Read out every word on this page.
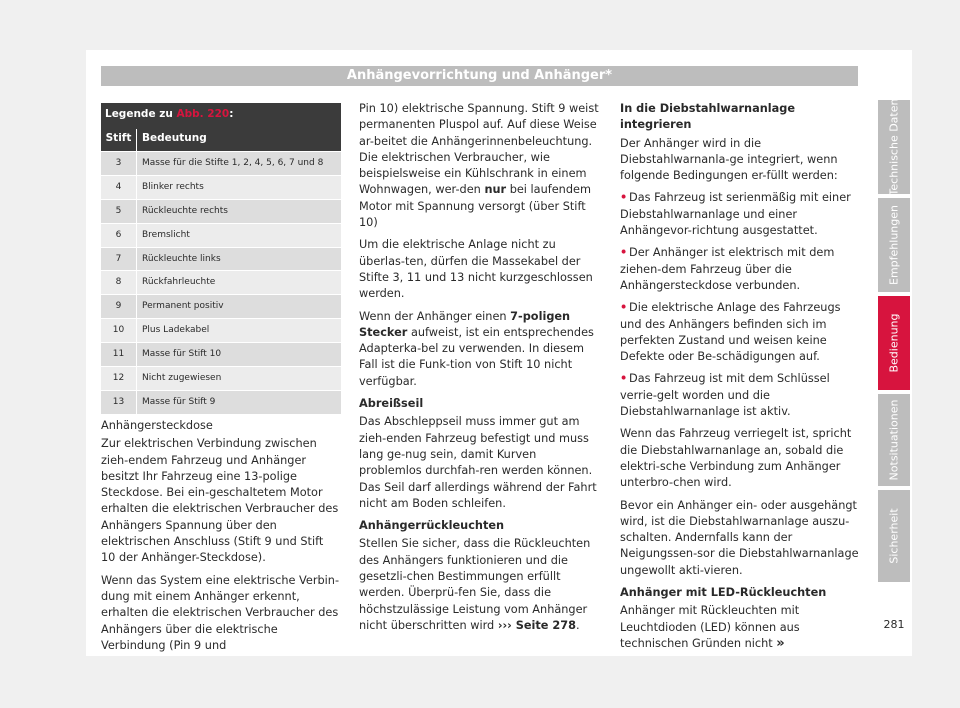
Anhängevorrichtung und Anhänger*
Legende zu Abb. 220:
Stift	Bedeutung
3	Masse für die Stifte 1, 2, 4, 5, 6, 7 und 8
4	Blinker rechts
5	Rückleuchte rechts
6	Bremslicht
7	Rückleuchte links
8	Rückfahrleuchte
9	Permanent positiv
10	Plus Ladekabel
11	Masse für Stift 10
12	Nicht zugewiesen
13	Masse für Stift 9

Anhängersteckdose

Zur elektrischen Verbindung zwischen zieh-endem Fahrzeug und Anhänger besitzt Ihr Fahrzeug eine 13-polige Steckdose. Bei ein-geschaltetem Motor erhalten die elektrischen Verbraucher des Anhängers Spannung über den elektrischen Anschluss (Stift 9 und Stift 10 der Anhänger-Steckdose).

Wenn das System eine elektrische Verbin-dung mit einem Anhänger erkennt, erhalten die elektrischen Verbraucher des Anhängers über die elektrische Verbindung (Pin 9 und

Pin 10) elektrische Spannung. Stift 9 weist permanenten Pluspol auf. Auf diese Weise ar-beitet die Anhängerinnenbeleuchtung. Die elektrischen Verbraucher, wie beispielsweise ein Kühlschrank in einem Wohnwagen, wer-den nur bei laufendem Motor mit Spannung versorgt (über Stift 10)

Um die elektrische Anlage nicht zu überlas-ten, dürfen die Massekabel der Stifte 3, 11 und 13 nicht kurzgeschlossen werden.

Wenn der Anhänger einen 7-poligen Stecker aufweist, ist ein entsprechendes Adapterka-bel zu verwenden. In diesem Fall ist die Funk-tion von Stift 10 nicht verfügbar.

Abreißseil

Das Abschleppseil muss immer gut am zieh-enden Fahrzeug befestigt und muss lang ge-nug sein, damit Kurven problemlos durchfah-ren werden können. Das Seil darf allerdings während der Fahrt nicht am Boden schleifen.

Anhängerrückleuchten

Stellen Sie sicher, dass die Rückleuchten des Anhängers funktionieren und die gesetzli-chen Bestimmungen erfüllt werden. Überprü-fen Sie, dass die höchstzulässige Leistung vom Anhänger nicht überschritten wird ››› Seite 278.

In die Diebstahlwarnanlage integrieren

Der Anhänger wird in die Diebstahlwarnanla-ge integriert, wenn folgende Bedingungen er-füllt werden:

• Das Fahrzeug ist serienmäßig mit einer Diebstahlwarnanlage und einer Anhängevor-richtung ausgestattet.

• Der Anhänger ist elektrisch mit dem ziehen-dem Fahrzeug über die Anhängersteckdose verbunden.

• Die elektrische Anlage des Fahrzeugs und des Anhängers befinden sich im perfekten Zustand und weisen keine Defekte oder Be-schädigungen auf.

• Das Fahrzeug ist mit dem Schlüssel verrie-gelt worden und die Diebstahlwarnanlage ist aktiv.

Wenn das Fahrzeug verriegelt ist, spricht die Diebstahlwarnanlage an, sobald die elektri-sche Verbindung zum Anhänger unterbro-chen wird.

Bevor ein Anhänger ein- oder ausgehängt wird, ist die Diebstahlwarnanlage auszu-schalten. Andernfalls kann der Neigungssen-sor die Diebstahlwarnanlage ungewollt akti-vieren.

Anhänger mit LED-Rückleuchten

Anhänger mit Rückleuchten mit Leuchtdioden (LED) können aus technischen Gründen nicht »

Technische Daten
Empfehlungen
Bedienung
Notsituationen
Sicherheit
281
